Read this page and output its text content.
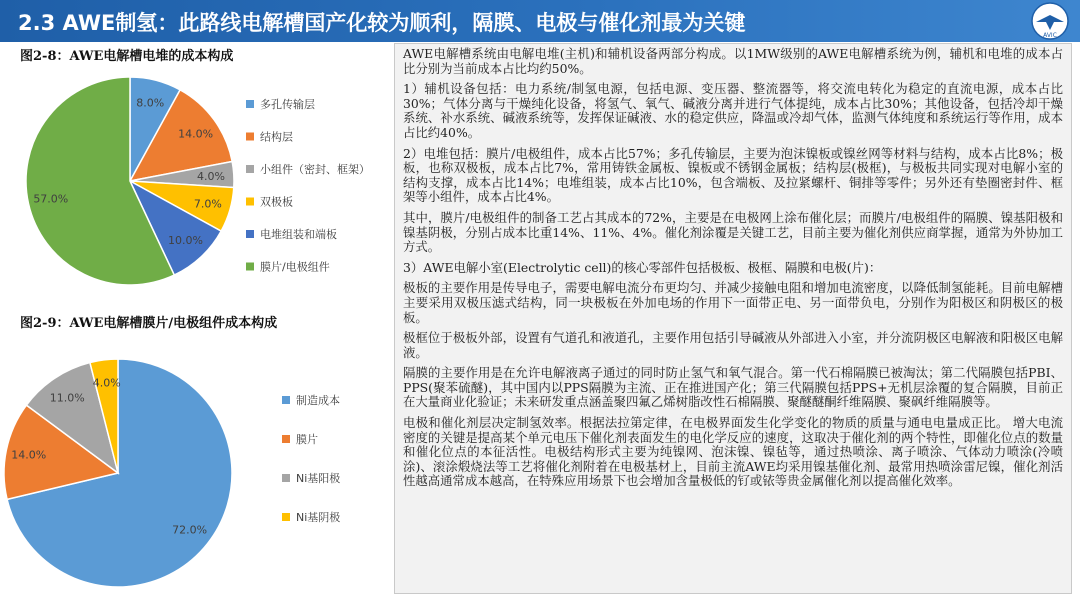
2.3 AWE制氢：此路线电解槽国产化较为顺利，隔膜、电极与催化剂最为关键
AVIC
图2-8：AWE电解槽电堆的成本构成
8.0%
14.0%
4.0%
7.0%
10.0%
57.0%
多孔传输层
结构层
小组件（密封、框架）
双极板
电堆组装和端板
膜片/电极组件
图2-9：AWE电解槽膜片/电极组件成本构成
72.0%
14.0%
11.0%
4.0%
制造成本
膜片
Ni基阳极
Ni基阴极

AWE电解槽系统由电解电堆(主机)和辅机设备两部分构成。以1MW级别的AWE电解槽系统为例，辅机和电堆的成本占比分别为当前成本占比均约50%。

1）辅机设备包括：电力系统/制氢电源，包括电源、变压器、整流器等，将交流电转化为稳定的直流电源，成本占比30%；气体分离与干燥纯化设备，将氢气、氧气、碱液分离并进行气体提纯，成本占比30%；其他设备，包括冷却干燥系统、补水系统、碱液系统等，发挥保证碱液、水的稳定供应，降温或冷却气体，监测气体纯度和系统运行等作用，成本占比约40%。

2）电堆包括：膜片/电极组件，成本占比57%；多孔传输层，主要为泡沫镍板或镍丝网等材料与结构，成本占比8%；极板，也称双极板，成本占比7%，常用铸铁金属板、镍板或不锈钢金属板；结构层(极框)，与极板共同实现对电解小室的结构支撑，成本占比14%；电堆组装，成本占比10%，包含端板、及拉紧螺杆、铜排等零件；另外还有垫圈密封件、框架等小组件，成本占比4%。

其中，膜片/电极组件的制备工艺占其成本的72%，主要是在电极网上涂布催化层；而膜片/电极组件的隔膜、镍基阳极和镍基阴极，分别占成本比重14%、11%、4%。催化剂涂覆是关键工艺，目前主要为催化剂供应商掌握，通常为外协加工方式。

3）AWE电解小室(Electrolytic cell)的核心零部件包括极板、极框、隔膜和电极(片)：

极板的主要作用是传导电子，需要电解电流分布更均匀、并减少接触电阻和增加电流密度，以降低制氢能耗。目前电解槽主要采用双极压滤式结构，同一块极板在外加电场的作用下一面带正电、另一面带负电，分别作为阳极区和阴极区的极板。

极框位于极板外部，设置有气道孔和液道孔，主要作用包括引导碱液从外部进入小室，并分流阴极区电解液和阳极区电解液。

隔膜的主要作用是在允许电解液离子通过的同时防止氢气和氧气混合。第一代石棉隔膜已被淘汰；第二代隔膜包括PBI、PPS(聚苯硫醚)，其中国内以PPS隔膜为主流、正在推进国产化；第三代隔膜包括PPS+无机层涂覆的复合隔膜，目前正在大量商业化验证；未来研发重点涵盖聚四氟乙烯树脂改性石棉隔膜、聚醚醚酮纤维隔膜、聚砜纤维隔膜等。

电极和催化剂层决定制氢效率。根据法拉第定律，在电极界面发生化学变化的物质的质量与通电电量成正比。 增大电流密度的关键是提高某个单元电压下催化剂表面发生的电化学反应的速度，这取决于催化剂的两个特性，即催化位点的数量和催化位点的本征活性。电极结构形式主要为纯镍网、泡沫镍、镍毡等，通过热喷涂、离子喷涂、气体动力喷涂(冷喷涂)、滚涂煅烧法等工艺将催化剂附着在电极基材上，目前主流AWE均采用镍基催化剂、最常用热喷涂雷尼镍，催化剂活性越高通常成本越高，在特殊应用场景下也会增加含量极低的钌或铱等贵金属催化剂以提高催化效率。
